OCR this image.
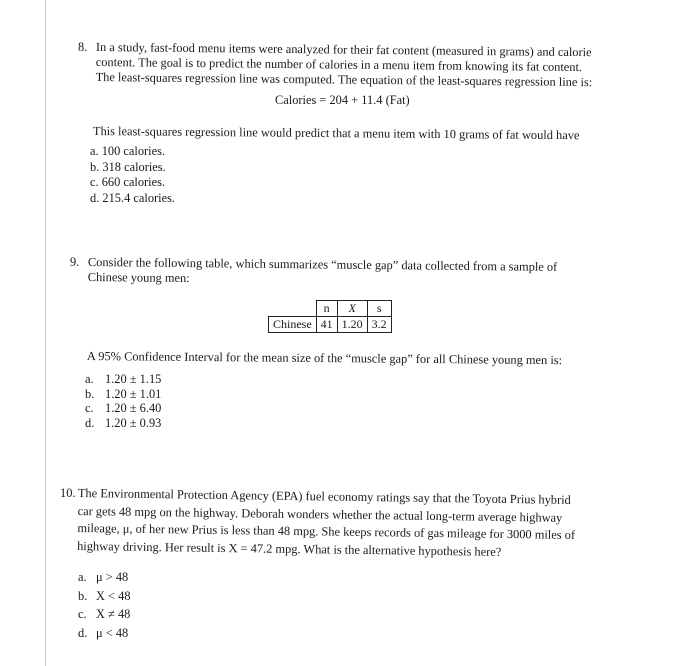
8. In a study, fast-food menu items were analyzed for their fat content (measured in grams) and calorie
content. The goal is to predict the number of calories in a menu item from knowing its fat content.
The least-squares regression line was computed. The equation of the least-squares regression line is:
Calories = 204 + 11.4 (Fat)
This least-squares regression line would predict that a menu item with 10 grams of fat would have
a. 100 calories.
b. 318 calories.
c. 660 calories.
d. 215.4 calories.
9. Consider the following table, which summarizes “muscle gap” data collected from a sample of
Chinese young men:
	n	$\overline{X}$	s
Chinese	41	1.20	3.2
A 95% Confidence Interval for the mean size of the “muscle gap” for all Chinese young men is:
a. 1.20 ± 1.15
b. 1.20 ± 1.01
c. 1.20 ± 6.40
d. 1.20 ± 0.93
10. The Environmental Protection Agency (EPA) fuel economy ratings say that the Toyota Prius hybrid
car gets 48 mpg on the highway. Deborah wonders whether the actual long-term average highway
mileage, μ, of her new Prius is less than 48 mpg. She keeps records of gas mileage for 3000 miles of
highway driving. Her result is X = 47.2 mpg. What is the alternative hypothesis here?
a. μ > 48
b. X < 48
c. X ≠ 48
d. μ < 48
